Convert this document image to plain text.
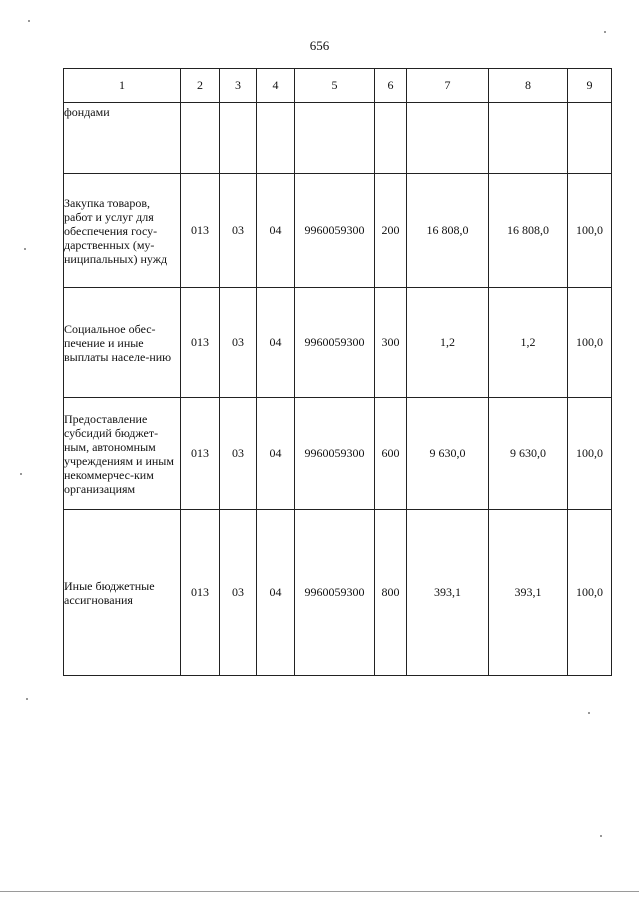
656
1	2	3	4	5	6	7	8	9
фондами								
Закупка товаров, работ и услуг для обеспечения госу-дарственных (му-ниципальных) нужд	013	03	04	9960059300	200	16 808,0	16 808,0	100,0
Социальное обес-печение и иные выплаты населе-нию	013	03	04	9960059300	300	1,2	1,2	100,0
Предоставление субсидий бюджет-ным, автономным учреждениям и иным некоммерчес-ким организациям	013	03	04	9960059300	600	9 630,0	9 630,0	100,0
Иные бюджетные ассигнования	013	03	04	9960059300	800	393,1	393,1	100,0
